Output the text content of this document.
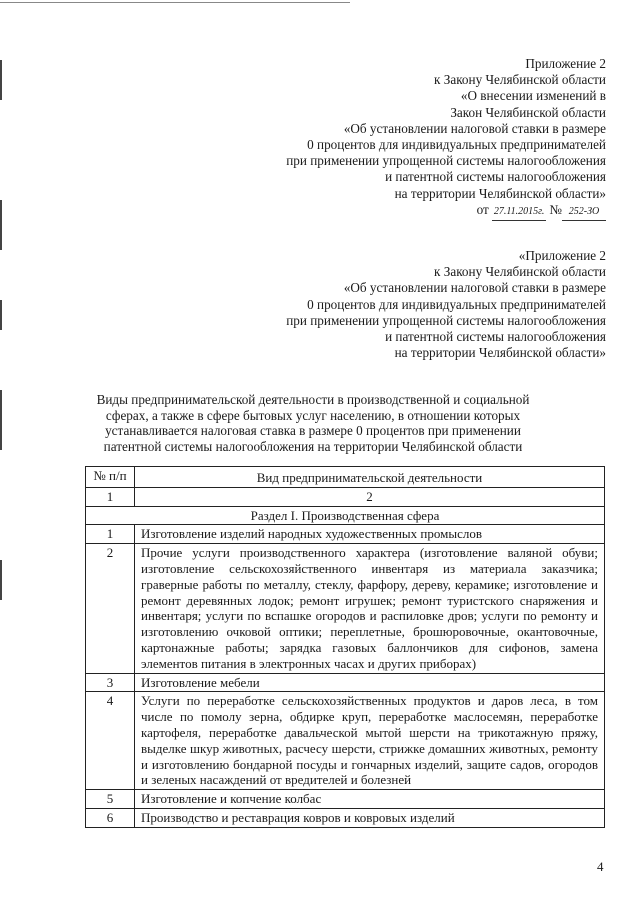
Приложение 2
к Закону Челябинской области
«О внесении изменений в
Закон Челябинской области
«Об установлении налоговой ставки в размере
0 процентов для индивидуальных предпринимателей
при применении упрощенной системы налогообложения
и патентной системы налогообложения
на территории Челябинской области»
от 27.11.2015г. № 252-ЗО
«Приложение 2
к Закону Челябинской области
«Об установлении налоговой ставки в размере
0 процентов для индивидуальных предпринимателей
при применении упрощенной системы налогообложения
и патентной системы налогообложения
на территории Челябинской области»
Виды предпринимательской деятельности в производственной и социальной сферах, а также в сфере бытовых услуг населению, в отношении которых устанавливается налоговая ставка в размере 0 процентов при применении патентной системы налогообложения на территории Челябинской области
№ п/п	Вид предпринимательской деятельности
1	2
Раздел I. Производственная сфера	
1	Изготовление изделий народных художественных промыслов
2	Прочие услуги производственного характера (изготовление валяной обуви; изготовление сельскохозяйственного инвентаря из материала заказчика; граверные работы по металлу, стеклу, фарфору, дереву, керамике; изготовление и ремонт деревянных лодок; ремонт игрушек; ремонт туристского снаряжения и инвентаря; услуги по вспашке огородов и распиловке дров; услуги по ремонту и изготовлению очковой оптики; переплетные, брошюровочные, окантовочные, картонажные работы; зарядка газовых баллончиков для сифонов, замена элементов питания в электронных часах и других приборах)
3	Изготовление мебели
4	Услуги по переработке сельскохозяйственных продуктов и даров леса, в том числе по помолу зерна, обдирке круп, переработке маслосемян, переработке картофеля, переработке давальческой мытой шерсти на трикотажную пряжу, выделке шкур животных, расчесу шерсти, стрижке домашних животных, ремонту и изготовлению бондарной посуды и гончарных изделий, защите садов, огородов и зеленых насаждений от вредителей и болезней
5	Изготовление и копчение колбас
6	Производство и реставрация ковров и ковровых изделий
4
